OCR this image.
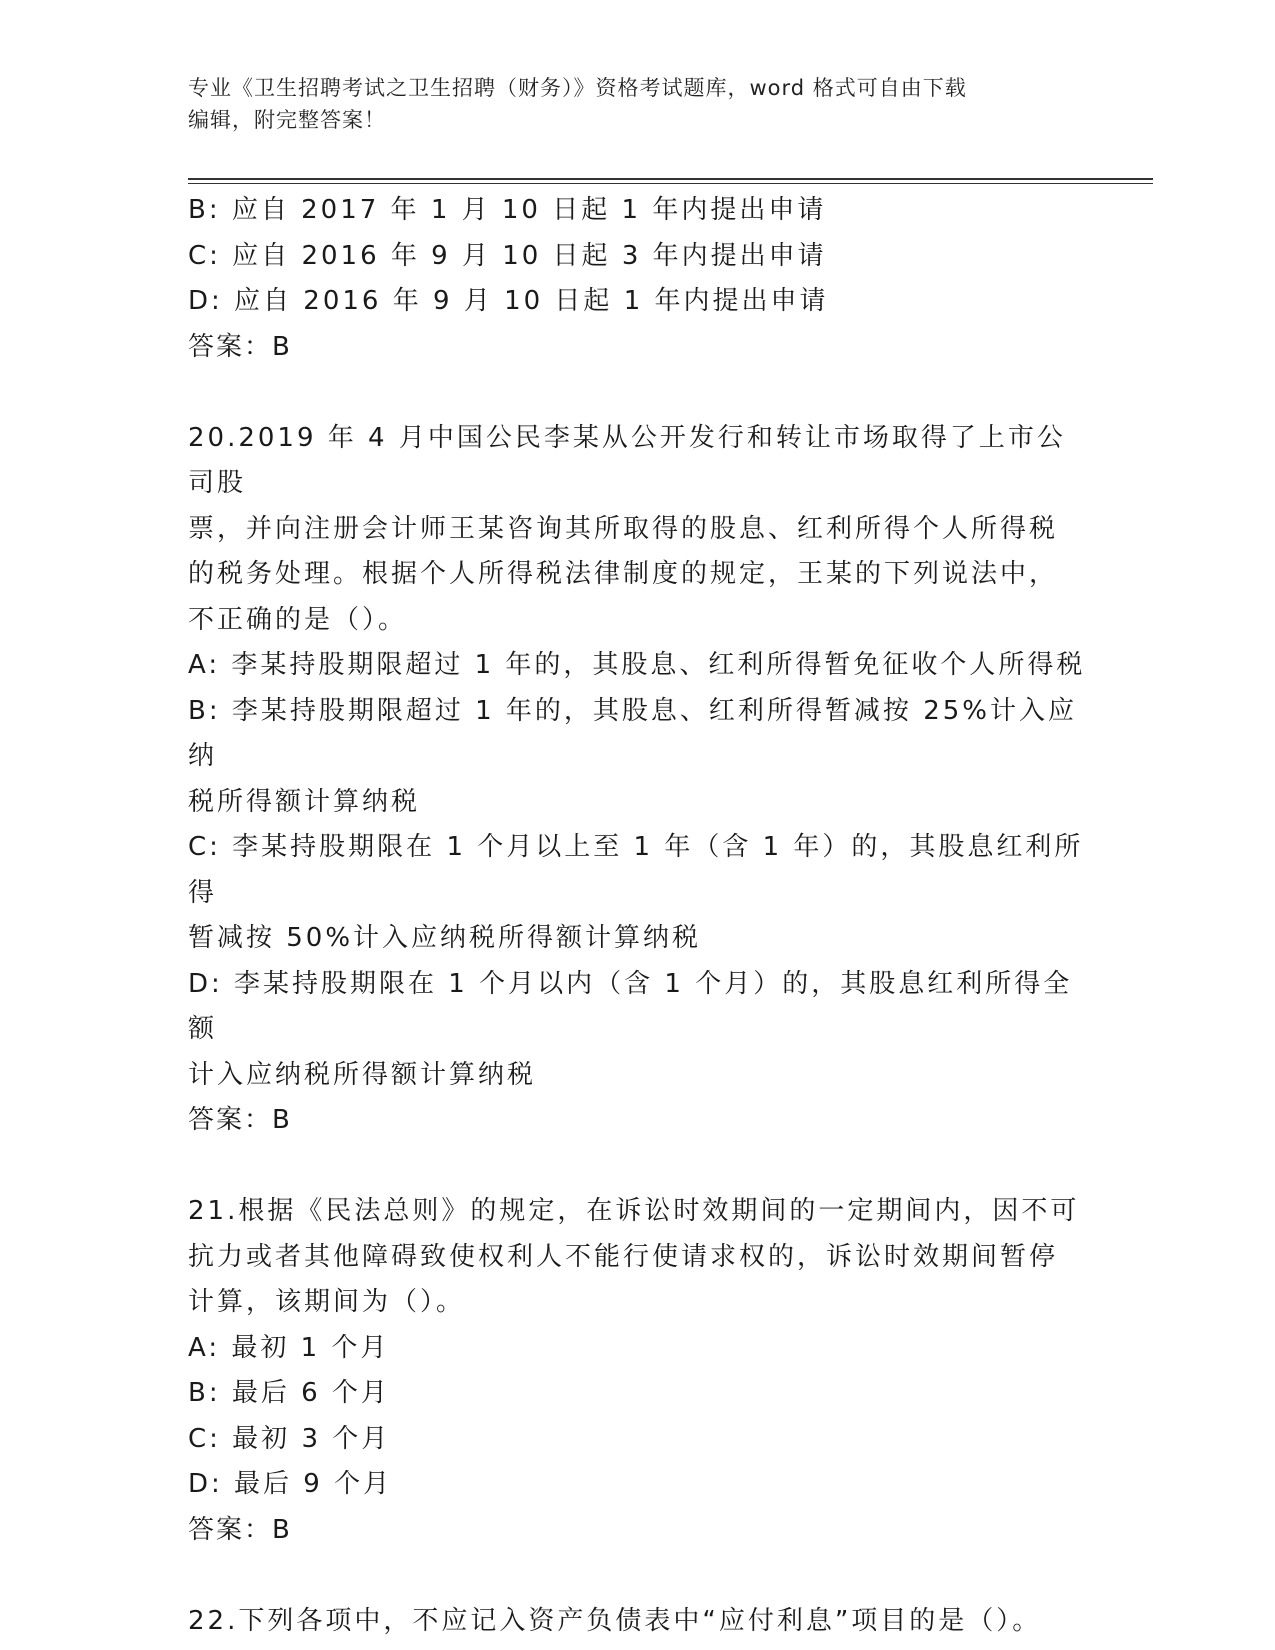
专业《卫生招聘考试之卫生招聘（财务）》资格考试题库，word 格式可自由下载
编辑，附完整答案！

B: 应自 2017 年 1 月 10 日起 1 年内提出申请

C: 应自 2016 年 9 月 10 日起 3 年内提出申请

D: 应自 2016 年 9 月 10 日起 1 年内提出申请

答案：B

20.2019 年 4 月中国公民李某从公开发行和转让市场取得了上市公司股

票，并向注册会计师王某咨询其所取得的股息、红利所得个人所得税

的税务处理。根据个人所得税法律制度的规定，王某的下列说法中，

不正确的是（）。

A: 李某持股期限超过 1 年的，其股息、红利所得暂免征收个人所得税

B: 李某持股期限超过 1 年的，其股息、红利所得暂减按 25%计入应纳

税所得额计算纳税

C: 李某持股期限在 1 个月以上至 1 年（含 1 年）的，其股息红利所得

暂减按 50%计入应纳税所得额计算纳税

D: 李某持股期限在 1 个月以内（含 1 个月）的，其股息红利所得全额

计入应纳税所得额计算纳税

答案：B

21.根据《民法总则》的规定，在诉讼时效期间的一定期间内，因不可

抗力或者其他障碍致使权利人不能行使请求权的，诉讼时效期间暂停

计算，该期间为（）。

A: 最初 1 个月

B: 最后 6 个月

C: 最初 3 个月

D: 最后 9 个月

答案：B

22.下列各项中，不应记入资产负债表中“应付利息”项目的是（）。
